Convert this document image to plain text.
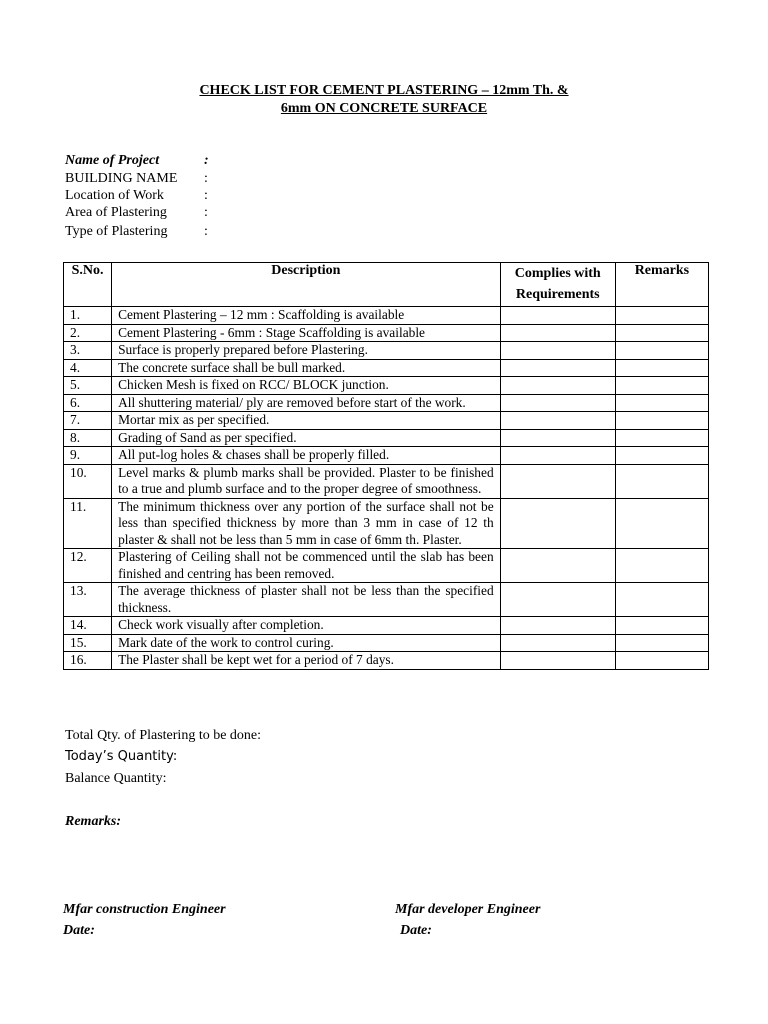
CHECK LIST FOR CEMENT PLASTERING – 12mm Th. &
6mm ON CONCRETE SURFACE
Name of Project	:
BUILDING NAME	:
Location of Work	:
Area of Plastering	:
Type of Plastering	:
S.No.	Description	Complies with Requirements	Remarks
1.	Cement Plastering – 12 mm : Scaffolding is available		
2.	Cement Plastering - 6mm : Stage Scaffolding is available		
3.	Surface is properly prepared before Plastering.		
4.	The concrete surface shall be bull marked.		
5.	Chicken Mesh is fixed on RCC/ BLOCK junction.		
6.	All shuttering material/ ply are removed before start of the work.		
7.	Mortar mix as per specified.		
8.	Grading of Sand as per specified.		
9.	All put-log holes & chases shall be properly filled.		
10.	Level marks & plumb marks shall be provided. Plaster to be finished to a true and plumb surface and to the proper degree of smoothness.		
11.	The minimum thickness over any portion of the surface shall not be less than specified thickness by more than 3 mm in case of 12 th plaster & shall not be less than 5 mm in case of 6mm th. Plaster.		
12.	Plastering of Ceiling shall not be commenced until the slab has been finished and centring has been removed.		
13.	The average thickness of plaster shall not be less than the specified thickness.		
14.	Check work visually after completion.		
15.	Mark date of the work to control curing.		
16.	The Plaster shall be kept wet for a period of 7 days.		
Total Qty. of Plastering to be done:
Today’s Quantity:
Balance Quantity:
Remarks:
Mfar construction Engineer
Date:
Mfar developer Engineer
Date:
